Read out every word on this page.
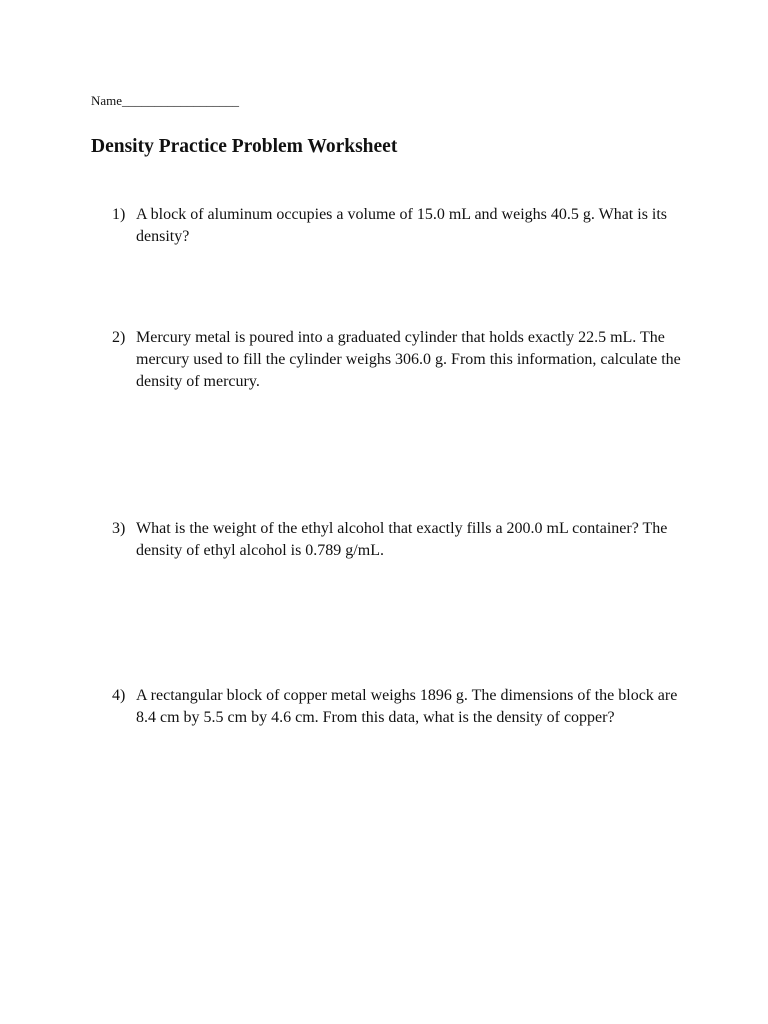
Name__________________
Density Practice Problem Worksheet
1) A block of aluminum occupies a volume of 15.0 mL and weighs 40.5 g. What is its density?
2) Mercury metal is poured into a graduated cylinder that holds exactly 22.5 mL. The mercury used to fill the cylinder weighs 306.0 g. From this information, calculate the density of mercury.
3) What is the weight of the ethyl alcohol that exactly fills a 200.0 mL container? The density of ethyl alcohol is 0.789 g/mL.
4) A rectangular block of copper metal weighs 1896 g. The dimensions of the block are 8.4 cm by 5.5 cm by 4.6 cm. From this data, what is the density of copper?
